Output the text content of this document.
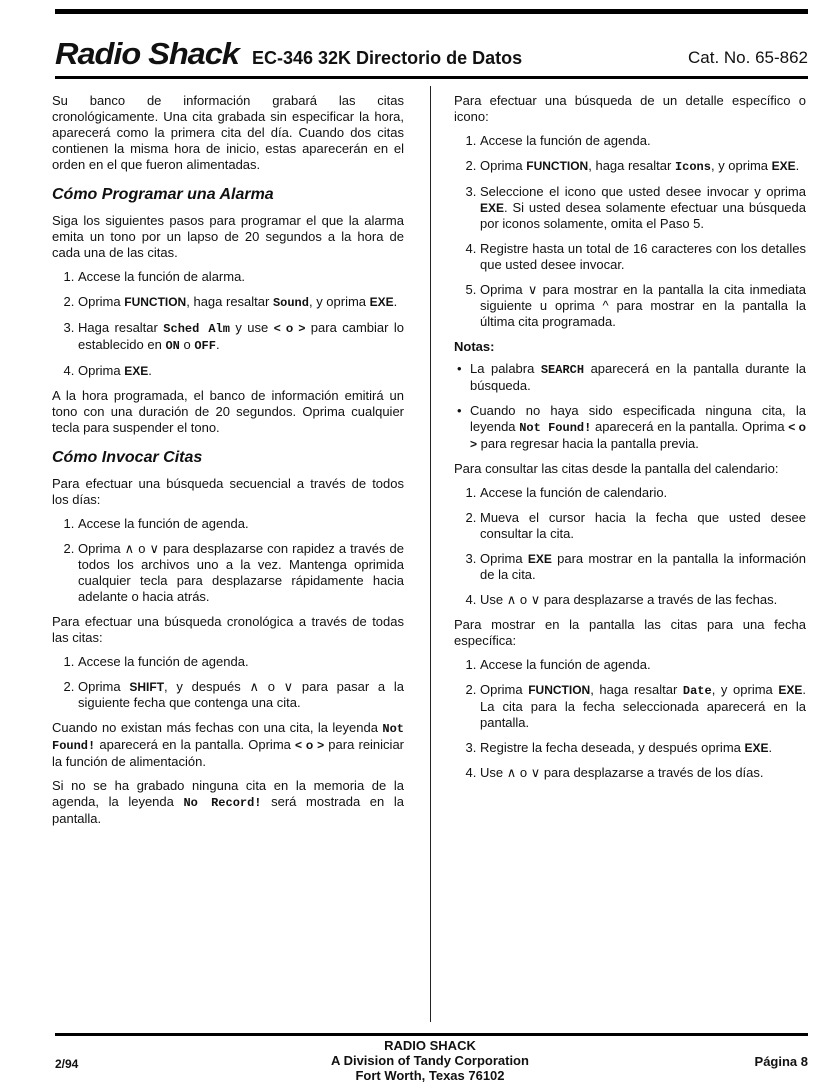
Radio Shack EC-346 32K Directorio de Datos	Cat. No. 65-862

Su banco de información grabará las citas cronológicamente. Una cita grabada sin especificar la hora, aparecerá como la primera cita del día. Cuando dos citas contienen la misma hora de inicio, estas aparecerán en el orden en el que fueron alimentadas.

Cómo Programar una Alarma

Siga los siguientes pasos para programar el que la alarma emita un tono por un lapso de 20 segundos a la hora de cada una de las citas.

1. Accese la función de alarma.
2. Oprima FUNCTION, haga resaltar Sound, y oprima EXE.
3. Haga resaltar Sched Alm y use < o > para cambiar lo establecido en ON o OFF.
4. Oprima EXE.

A la hora programada, el banco de información emitirá un tono con una duración de 20 segundos. Oprima cualquier tecla para suspender el tono.

Cómo Invocar Citas

Para efectuar una búsqueda secuencial a través de todos los días:

1. Accese la función de agenda.
2. Oprima ∧ o ∨ para desplazarse con rapidez a través de todos los archivos uno a la vez. Mantenga oprimida cualquier tecla para desplazarse rápidamente hacia adelante o hacia atrás.

Para efectuar una búsqueda cronológica a través de todas las citas:

1. Accese la función de agenda.
2. Oprima SHIFT, y después ∧ o ∨ para pasar a la siguiente fecha que contenga una cita.

Cuando no existan más fechas con una cita, la leyenda Not Found! aparecerá en la pantalla. Oprima < o > para reiniciar la función de alimentación.

Si no se ha grabado ninguna cita en la memoria de la agenda, la leyenda No Record! será mostrada en la pantalla.

Para efectuar una búsqueda de un detalle específico o icono:

1. Accese la función de agenda.
2. Oprima FUNCTION, haga resaltar Icons, y oprima EXE.
3. Seleccione el icono que usted desee invocar y oprima EXE. Si usted desea solamente efectuar una búsqueda por iconos solamente, omita el Paso 5.
4. Registre hasta un total de 16 caracteres con los detalles que usted desee invocar.
5. Oprima ∨ para mostrar en la pantalla la cita inmediata siguiente u oprima ^ para mostrar en la pantalla la última cita programada.
Notas:
• La palabra SEARCH aparecerá en la pantalla durante la búsqueda.
• Cuando no haya sido especificada ninguna cita, la leyenda Not Found! aparecerá en la pantalla. Oprima < o > para regresar hacia la pantalla previa.

Para consultar las citas desde la pantalla del calendario:

1. Accese la función de calendario.
2. Mueva el cursor hacia la fecha que usted desee consultar la cita.
3. Oprima EXE para mostrar en la pantalla la información de la cita.
4. Use ∧ o ∨ para desplazarse a través de las fechas.

Para mostrar en la pantalla las citas para una fecha específica:

1. Accese la función de agenda.
2. Oprima FUNCTION, haga resaltar Date, y oprima EXE. La cita para la fecha seleccionada aparecerá en la pantalla.
3. Registre la fecha deseada, y después oprima EXE.
4. Use ∧ o ∨ para desplazarse a través de los días.
2/94
RADIO SHACK
A Division of Tandy Corporation
Fort Worth, Texas 76102
Página 8
